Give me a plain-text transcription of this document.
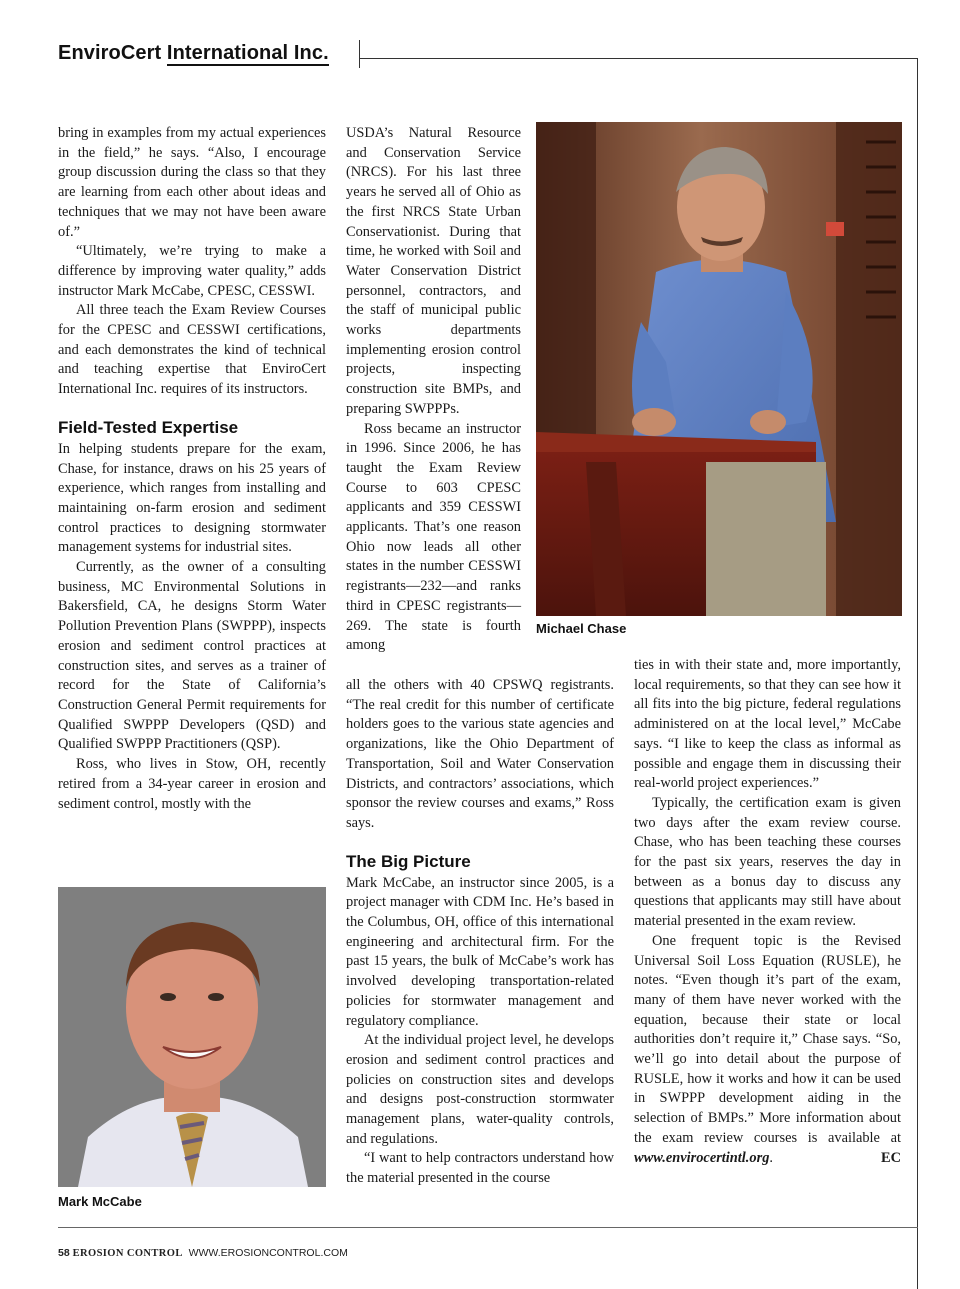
EnviroCert International Inc.

bring in examples from my actual experiences in the field,” he says. “Also, I encourage group discussion during the class so that they are learning from each other about ideas and techniques that we may not have been aware of.”

“Ultimately, we’re trying to make a difference by improving water quality,” adds instructor Mark McCabe, CPESC, CESSWI.

All three teach the Exam Review Courses for the CPESC and CESSWI certifications, and each demonstrates the kind of technical and teaching expertise that EnviroCert International Inc. requires of its instructors.

Field-Tested Expertise

In helping students prepare for the exam, Chase, for instance, draws on his 25 years of experience, which ranges from installing and maintaining on-farm erosion and sediment control practices to designing stormwater management systems for industrial sites.

Currently, as the owner of a consulting business, MC Environmental Solutions in Bakersfield, CA, he designs Storm Water Pollution Prevention Plans (SWPPP), inspects erosion and sediment control practices at construction sites, and serves as a trainer of record for the State of California’s Construction General Permit requirements for Qualified SWPPP Developers (QSD) and Qualified SWPPP Practitioners (QSP).

Ross, who lives in Stow, OH, recently retired from a 34-year career in erosion and sediment control, mostly with the

USDA’s Natural Resource and Conservation Service (NRCS). For his last three years he served all of Ohio as the first NRCS State Urban Conservationist. During that time, he worked with Soil and Water Conservation District personnel, contractors, and the staff of municipal public works departments implementing erosion control projects, inspecting construction site BMPs, and preparing SWPPPs.

Ross became an instructor in 1996. Since 2006, he has taught the Exam Review Course to 603 CPESC applicants and 359 CESSWI applicants. That’s one reason Ohio now leads all other states in the number CESSWI registrants—232—and ranks third in CPESC registrants—269. The state is fourth among

all the others with 40 CPSWQ registrants. “The real credit for this number of certificate holders goes to the various state agencies and organizations, like the Ohio Department of Transportation, Soil and Water Conservation Districts, and contractors’ associations, which sponsor the review courses and exams,” Ross says.

The Big Picture

Mark McCabe, an instructor since 2005, is a project manager with CDM Inc. He’s based in the Columbus, OH, office of this international engineering and architectural firm. For the past 15 years, the bulk of McCabe’s work has involved developing transportation-related policies for stormwater management and regulatory compliance.

At the individual project level, he develops erosion and sediment control practices and policies on construction sites and develops and designs post-construction stormwater management plans, water-quality controls, and regulations.

“I want to help contractors understand how the material presented in the course

ties in with their state and, more importantly, local requirements, so that they can see how it all fits into the big picture, federal regulations administered on at the local level,” McCabe says. “I like to keep the class as informal as possible and engage them in discussing their real-world project experiences.”

Typically, the certification exam is given two days after the exam review course. Chase, who has been teaching these courses for the past six years, reserves the day in between as a bonus day to discuss any questions that applicants may still have about material presented in the exam review.

One frequent topic is the Revised Universal Soil Loss Equation (RUSLE), he notes. “Even though it’s part of the exam, many of them have never worked with the equation, because their state or local authorities don’t require it,” Chase says. “So, we’ll go into detail about the purpose of RUSLE, how it works and how it can be used in SWPPP development aiding in the selection of BMPs.” More information about the exam review courses is available at www.envirocertintl.org.	EC

Michael Chase
Mark McCabe
58 EROSION CONTROL WWW.EROSIONCONTROL.COM
